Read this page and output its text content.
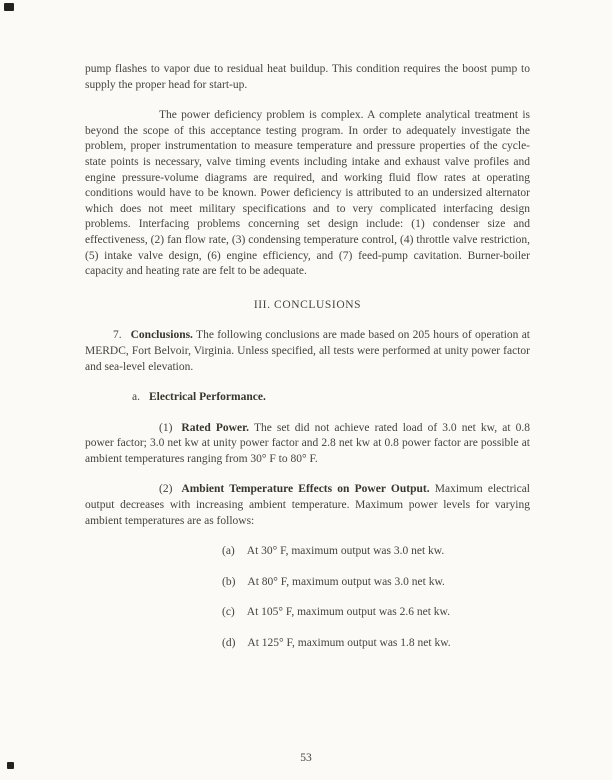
pump flashes to vapor due to residual heat buildup. This condition requires the boost pump to supply the proper head for start-up.

The power deficiency problem is complex. A complete analytical treatment is beyond the scope of this acceptance testing program. In order to adequately investigate the problem, proper instrumentation to measure temperature and pressure properties of the cycle-state points is necessary, valve timing events including intake and exhaust valve profiles and engine pressure-volume diagrams are required, and working fluid flow rates at operating conditions would have to be known. Power deficiency is attributed to an undersized alternator which does not meet military specifications and to very complicated interfacing design problems. Interfacing problems concerning set design include: (1) condenser size and effectiveness, (2) fan flow rate, (3) condensing temperature control, (4) throttle valve restriction, (5) intake valve design, (6) engine efficiency, and (7) feed-pump cavitation. Burner-boiler capacity and heating rate are felt to be adequate.

III. CONCLUSIONS

7. Conclusions. The following conclusions are made based on 205 hours of operation at MERDC, Fort Belvoir, Virginia. Unless specified, all tests were performed at unity power factor and sea-level elevation.

a. Electrical Performance.

(1) Rated Power. The set did not achieve rated load of 3.0 net kw, at 0.8 power factor; 3.0 net kw at unity power factor and 2.8 net kw at 0.8 power factor are possible at ambient temperatures ranging from 30° F to 80° F.

(2) Ambient Temperature Effects on Power Output. Maximum electrical output decreases with increasing ambient temperature. Maximum power levels for varying ambient temperatures are as follows:

(a) At 30° F, maximum output was 3.0 net kw.

(b) At 80° F, maximum output was 3.0 net kw.

(c) At 105° F, maximum output was 2.6 net kw.

(d) At 125° F, maximum output was 1.8 net kw.

53
